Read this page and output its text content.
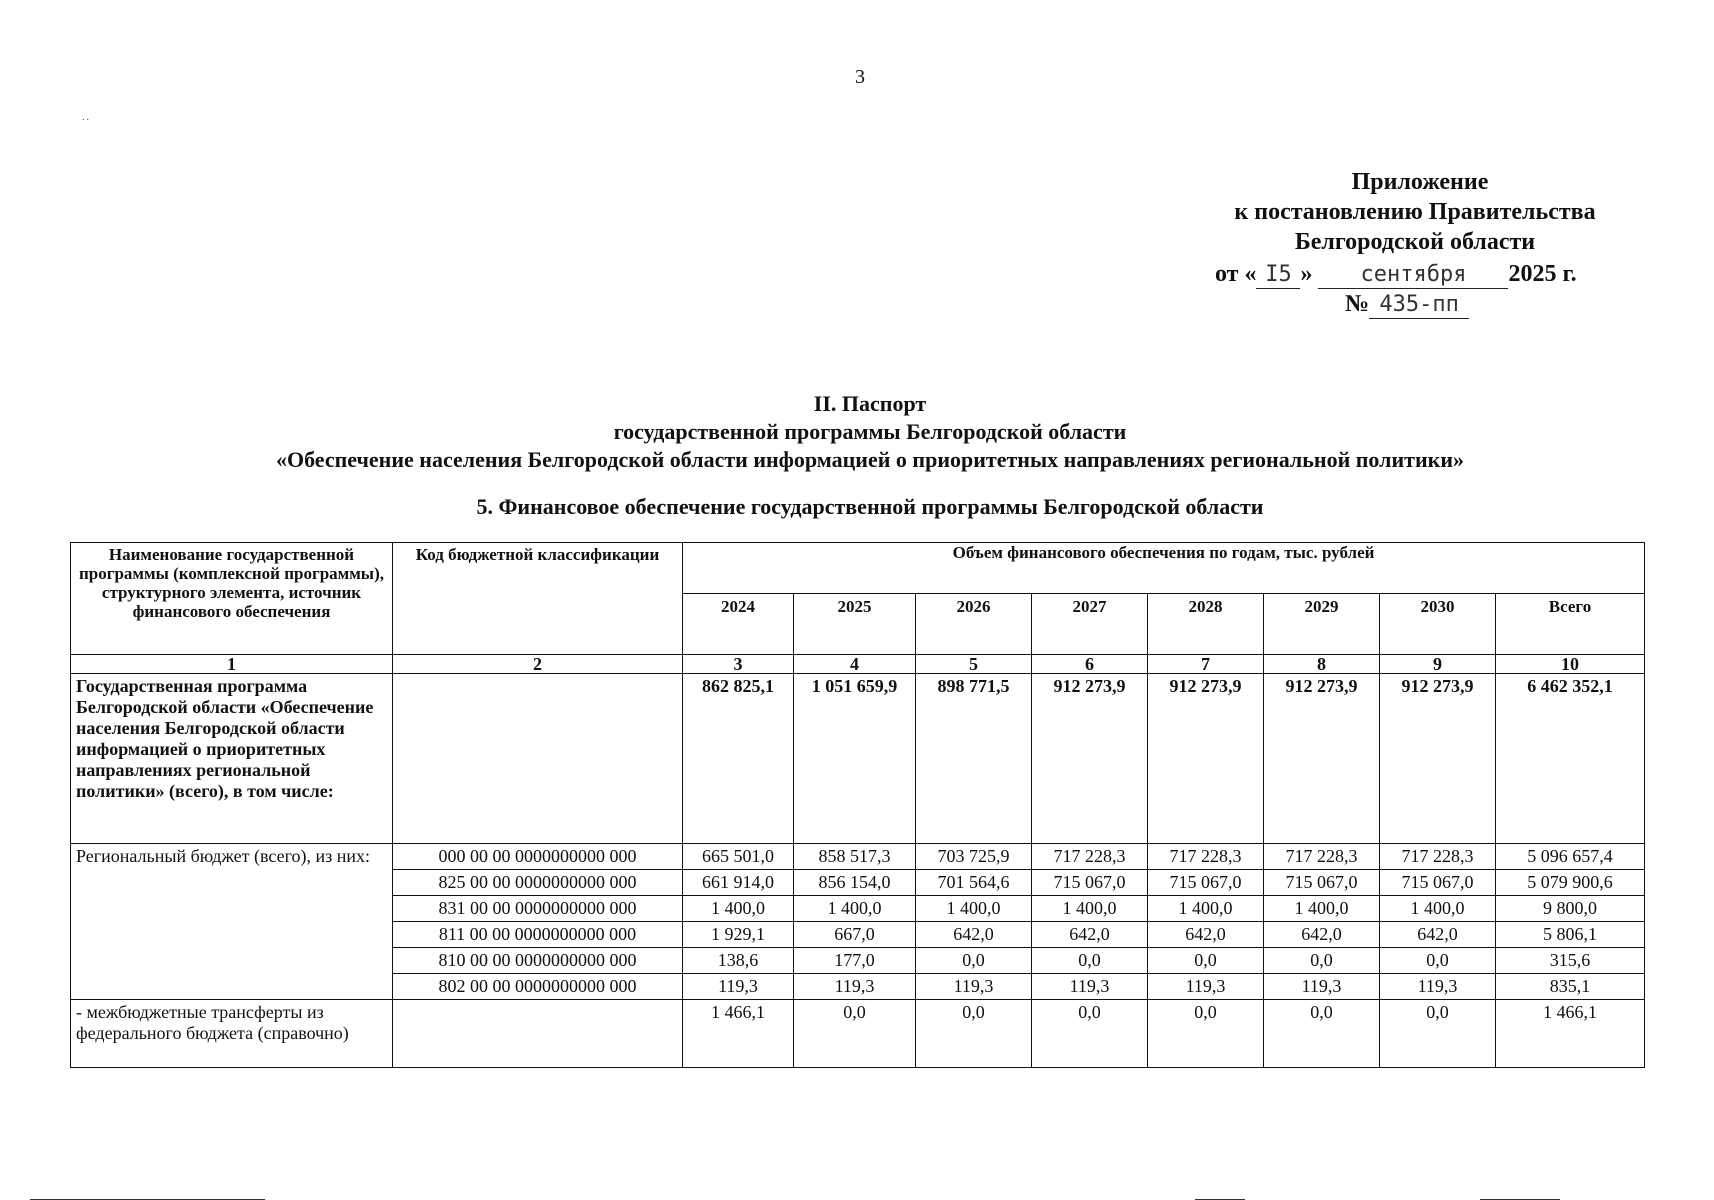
3
..
Приложение
к постановлению Правительства
Белгородской области
от « I5 » сентября 2025 г.
№ 435-пп
II. Паспорт
государственной программы Белгородской области
«Обеспечение населения Белгородской области информацией о приоритетных направлениях региональной политики»
5. Финансовое обеспечение государственной программы Белгородской области
Наименование государственной программы (комплексной программы), структурного элемента, источник финансового обеспечения	Код бюджетной классификации	Объем финансового обеспечения по годам, тыс. рублей							
		2024	2025	2026	2027	2028	2029	2030	Всего
1	2	3	4	5	6	7	8	9	10
Государственная программа Белгородской области «Обеспечение населения Белгородской области информацией о приоритетных направлениях региональной политики» (всего), в том числе:		862 825,1	1 051 659,9	898 771,5	912 273,9	912 273,9	912 273,9	912 273,9	6 462 352,1
Региональный бюджет (всего), из них:	000 00 00 0000000000 000	665 501,0	858 517,3	703 725,9	717 228,3	717 228,3	717 228,3	717 228,3	5 096 657,4
	825 00 00 0000000000 000	661 914,0	856 154,0	701 564,6	715 067,0	715 067,0	715 067,0	715 067,0	5 079 900,6
	831 00 00 0000000000 000	1 400,0	1 400,0	1 400,0	1 400,0	1 400,0	1 400,0	1 400,0	9 800,0
	811 00 00 0000000000 000	1 929,1	667,0	642,0	642,0	642,0	642,0	642,0	5 806,1
	810 00 00 0000000000 000	138,6	177,0	0,0	0,0	0,0	0,0	0,0	315,6
	802 00 00 0000000000 000	119,3	119,3	119,3	119,3	119,3	119,3	119,3	835,1
- межбюджетные трансферты из федерального бюджета (справочно)		1 466,1	0,0	0,0	0,0	0,0	0,0	0,0	1 466,1
